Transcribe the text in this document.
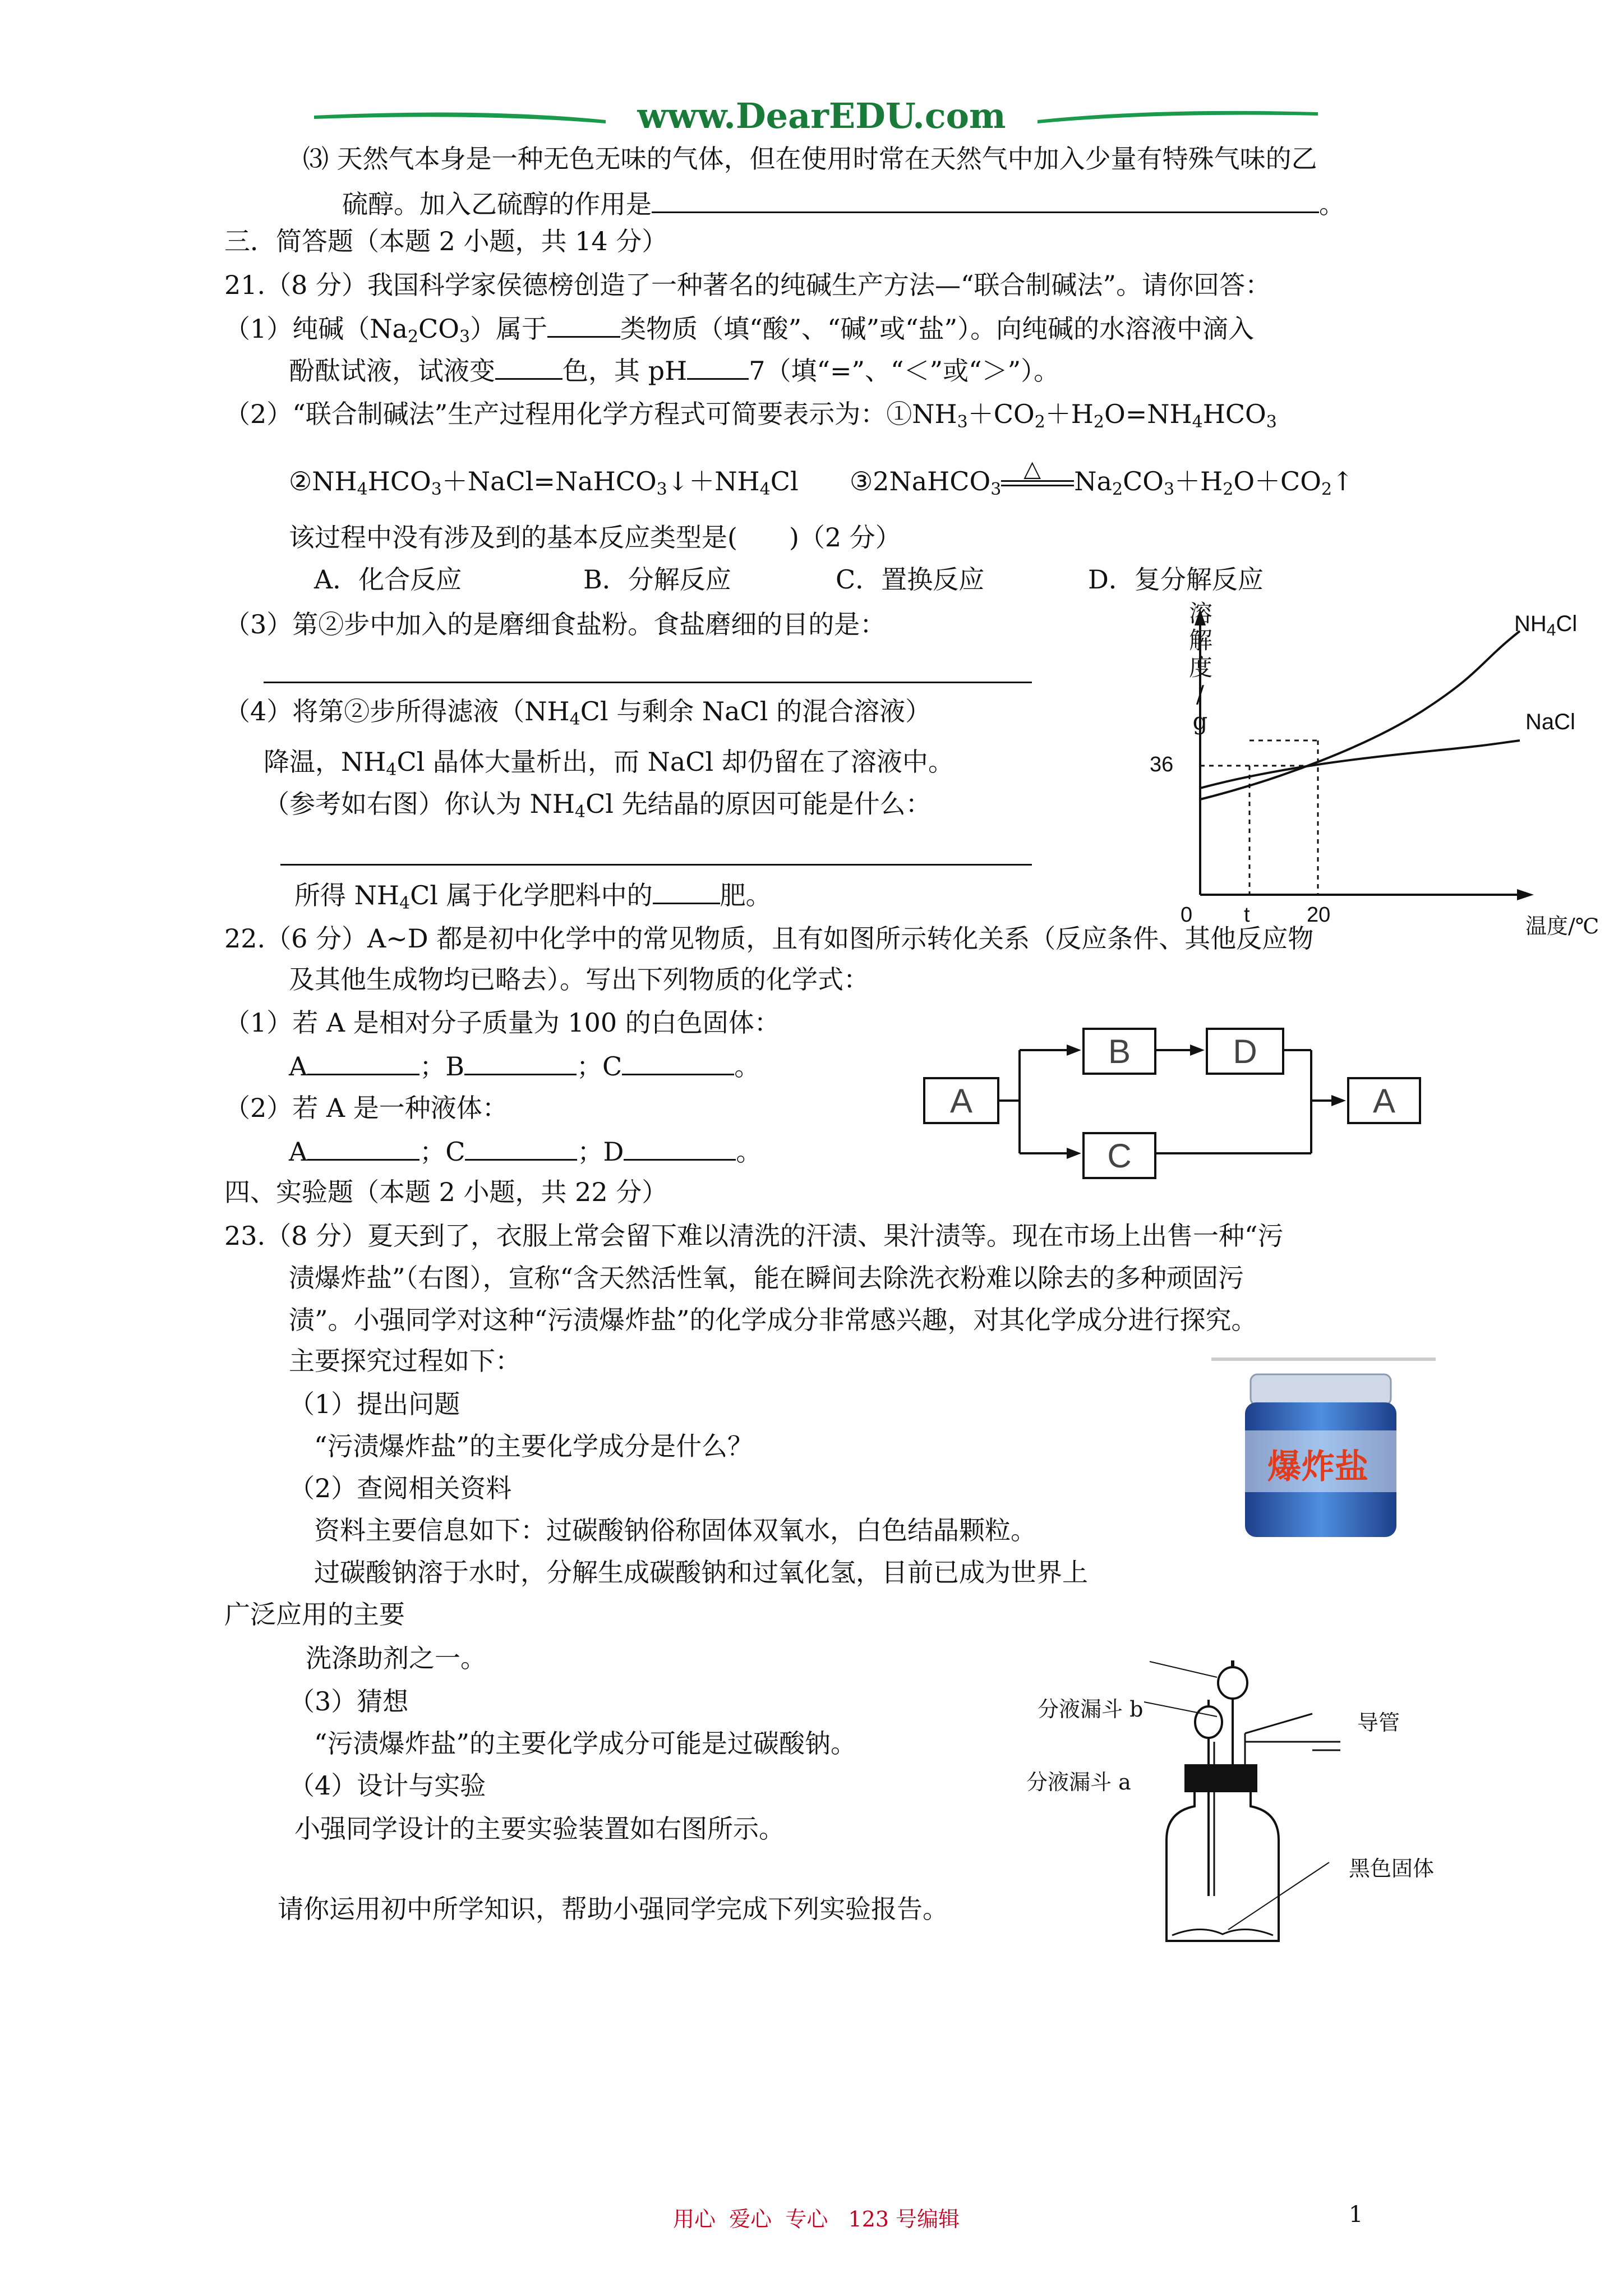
www.DearEDU.com
⑶ 天然气本身是一种无色无味的气体，但在使用时常在天然气中加入少量有特殊气味的乙
硫醇。加入乙硫醇的作用是	。
三．简答题（本题 2 小题，共 14 分）
21.（8 分）我国科学家侯德榜创造了一种著名的纯碱生产方法—“联合制碱法”。请你回答：
（1）纯碱$(Na_2CO_3)$属于	类物质（填“酸”、“碱”或“盐”）。向纯碱的水溶液中滴入
酚酞试液，试液变	色，其 pH 7（填“=”、“＜”或“＞”）。
（2）“联合制碱法”生产过程用化学方程式可简要表示为：$①NH_3+CO_2+H_2O=NH_4HCO_3$
$②NH_4HCO_3+NaCl=NaHCO_3↓+NH_4Cl$ ③2NaHCO$_3$
△ $Na_2CO_3+H_2O+CO_2↑$
该过程中没有涉及到的基本反应类型是(　　)（2 分）
A．化合反应	B．分解反应	C．置换反应	D．复分解反应
（3）第②步中加入的是磨细食盐粉。食盐磨细的目的是：
（4）将第②步所得滤液（$NH_4Cl$ 与剩余 NaCl 的混合溶液）
降温，$NH_4Cl$ 晶体大量析出，而 NaCl 却仍留在了溶液中。
（参考如右图）你认为 $NH_4Cl$ 先结晶的原因可能是什么：
所得 $NH_4Cl$ 属于化学肥料中的	肥。
溶
解
度
/
g
$NH_4Cl$
NaCl
36
0 t	20	温度/℃
22.（6 分）A~D 都是初中化学中的常见物质，且有如图所示转化关系（反应条件、其他反应物
及其他生成物均已略去）。写出下列物质的化学式：
（1）若 A 是相对分子质量为 100 的白色固体：
A	；B	；C	。
（2）若 A 是一种液体：
A	；C	；D	。
A
B	D
C
A
四、实验题（本题 2 小题，共 22 分）
23.（8 分）夏天到了，衣服上常会留下难以清洗的汗渍、果汁渍等。现在市场上出售一种“污
渍爆炸盐”（右图），宣称“含天然活性氧，能在瞬间去除洗衣粉难以除去的多种顽固污
渍”。小强同学对这种“污渍爆炸盐”的化学成分非常感兴趣，对其化学成分进行探究。
主要探究过程如下：
（1）提出问题
“污渍爆炸盐”的主要化学成分是什么？
（2）查阅相关资料
资料主要信息如下：过碳酸钠俗称固体双氧水，白色结晶颗粒。
过碳酸钠溶于水时，分解生成碳酸钠和过氧化氢，目前已成为世界上
广泛应用的主要
洗涤助剂之一。
（3）猜想
“污渍爆炸盐”的主要化学成分可能是过碳酸钠。
（4）设计与实验
小强同学设计的主要实验装置如右图所示。
请你运用初中所学知识，帮助小强同学完成下列实验报告。
爆炸盐
分液漏斗 b
分液漏斗 a
导管
黑色固体
用心  爱心  专心   123 号编辑	1
